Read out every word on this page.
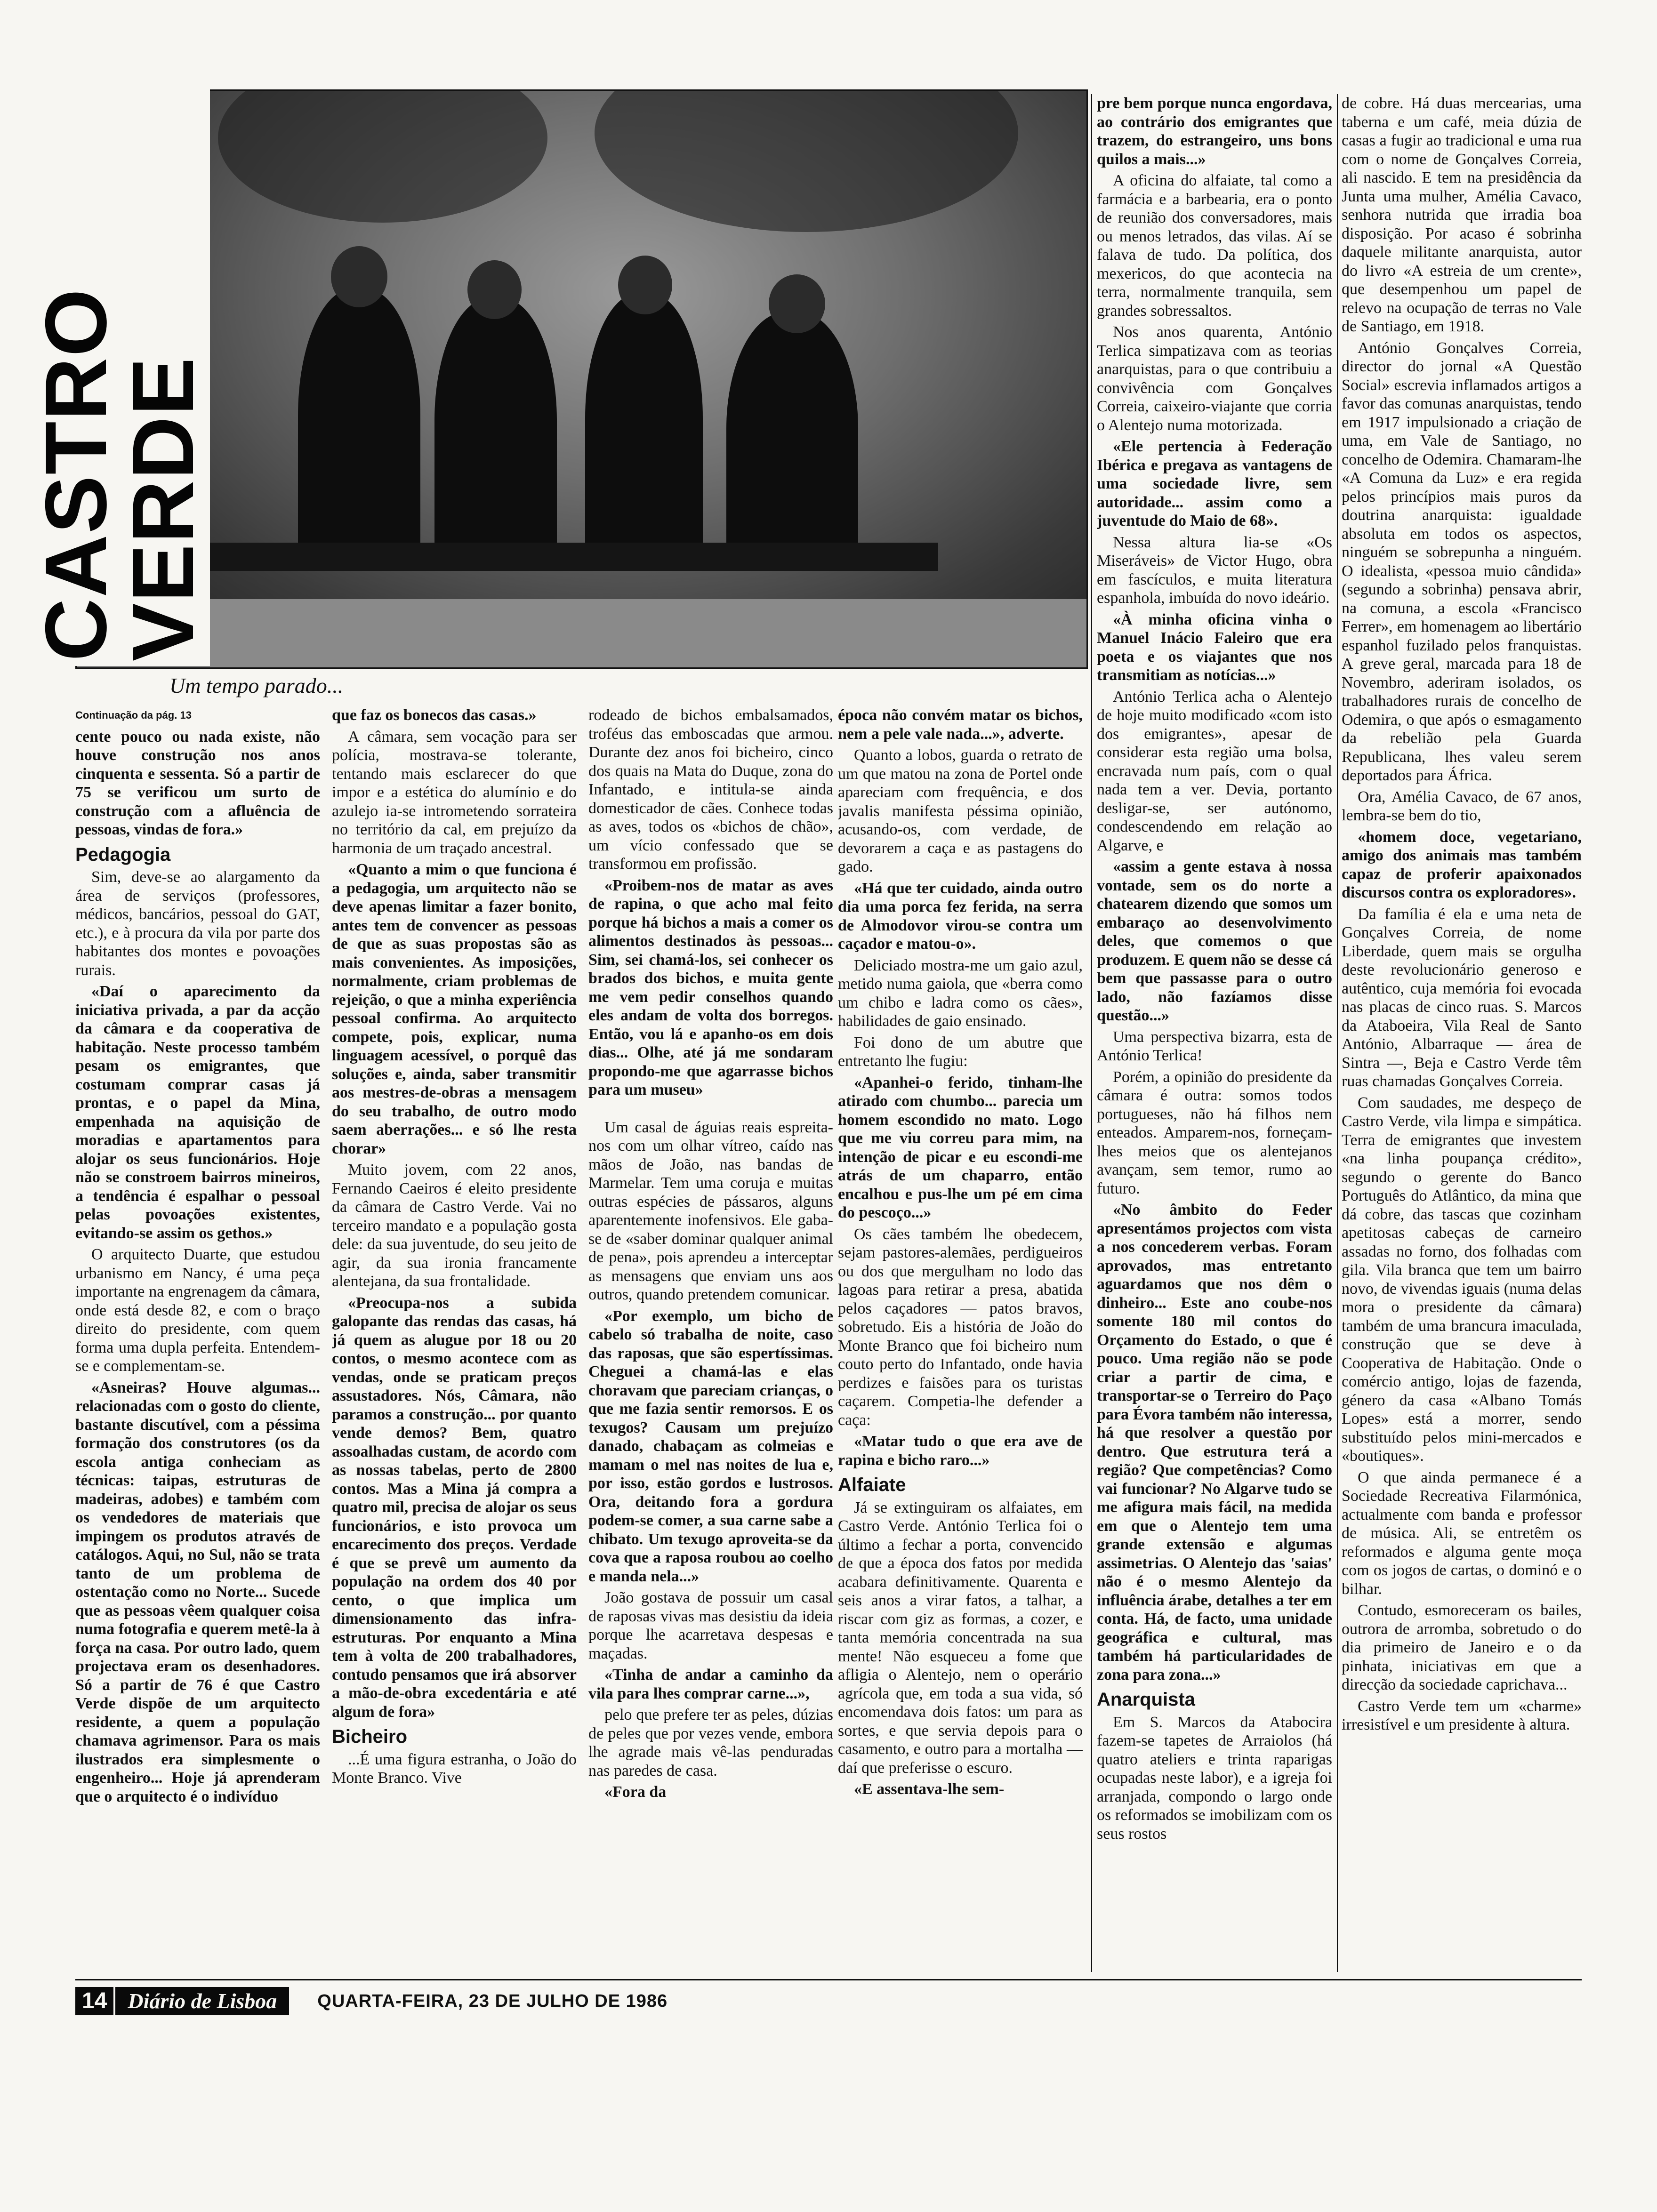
CASTRO VERDE
Um tempo parado...

Continuação da pág. 13

cente pouco ou nada existe, não houve construção nos anos cinquenta e sessenta. Só a partir de 75 se verificou um surto de construção com a afluência de pessoas, vindas de fora.»

Pedagogia

Sim, deve-se ao alargamento da área de serviços (professores, médicos, bancários, pessoal do GAT, etc.), e à procura da vila por parte dos habitantes dos montes e povoações rurais.

«Daí o aparecimento da iniciativa privada, a par da acção da câmara e da cooperativa de habitação. Neste processo também pesam os emigrantes, que costumam comprar casas já prontas, e o papel da Mina, empenhada na aquisição de moradias e apartamentos para alojar os seus funcionários. Hoje não se constroem bairros mineiros, a tendência é espalhar o pessoal pelas povoações existentes, evitando-se assim os gethos.»

O arquitecto Duarte, que estudou urbanismo em Nancy, é uma peça importante na engrenagem da câmara, onde está desde 82, e com o braço direito do presidente, com quem forma uma dupla perfeita. Entendem-se e complementam-se.

«Asneiras? Houve algumas... relacionadas com o gosto do cliente, bastante discutível, com a péssima formação dos construtores (os da escola antiga conheciam as técnicas: taipas, estruturas de madeiras, adobes) e também com os vendedores de materiais que impingem os produtos através de catálogos. Aqui, no Sul, não se trata tanto de um problema de ostentação como no Norte... Sucede que as pessoas vêem qualquer coisa numa fotografia e querem metê-la à força na casa. Por outro lado, quem projectava eram os desenhadores. Só a partir de 76 é que Castro Verde dispõe de um arquitecto residente, a quem a população chamava agrimensor. Para os mais ilustrados era simplesmente o engenheiro... Hoje já aprenderam que o arquitecto é o indivíduo

que faz os bonecos das casas.»

A câmara, sem vocação para ser polícia, mostrava-se tolerante, tentando mais esclarecer do que impor e a estética do alumínio e do azulejo ia-se intrometendo sorrateira no território da cal, em prejuízo da harmonia de um traçado ancestral.

«Quanto a mim o que funciona é a pedagogia, um arquitecto não se deve apenas limitar a fazer bonito, antes tem de convencer as pessoas de que as suas propostas são as mais convenientes. As imposições, normalmente, criam problemas de rejeição, o que a minha experiência pessoal confirma. Ao arquitecto compete, pois, explicar, numa linguagem acessível, o porquê das soluções e, ainda, saber transmitir aos mestres-de-obras a mensagem do seu trabalho, de outro modo saem aberrações... e só lhe resta chorar»

Muito jovem, com 22 anos, Fernando Caeiros é eleito presidente da câmara de Castro Verde. Vai no terceiro mandato e a população gosta dele: da sua juventude, do seu jeito de agir, da sua ironia francamente alentejana, da sua frontalidade.

«Preocupa-nos a subida galopante das rendas das casas, há já quem as alugue por 18 ou 20 contos, o mesmo acontece com as vendas, onde se praticam preços assustadores. Nós, Câmara, não paramos a construção... por quanto vende demos? Bem, quatro assoalhadas custam, de acordo com as nossas tabelas, perto de 2800 contos. Mas a Mina já compra a quatro mil, precisa de alojar os seus funcionários, e isto provoca um encarecimento dos preços. Verdade é que se prevê um aumento da população na ordem dos 40 por cento, o que implica um dimensionamento das infra-estruturas. Por enquanto a Mina tem à volta de 200 trabalhadores, contudo pensamos que irá absorver a mão-de-obra excedentária e até algum de fora»

Bicheiro

...É uma figura estranha, o João do Monte Branco. Vive

rodeado de bichos embalsamados, troféus das emboscadas que armou. Durante dez anos foi bicheiro, cinco dos quais na Mata do Duque, zona do Infantado, e intitula-se ainda domesticador de cães. Conhece todas as aves, todos os «bichos de chão», um vício confessado que se transformou em profissão.

«Proibem-nos de matar as aves de rapina, o que acho mal feito porque há bichos a mais a comer os alimentos destinados às pessoas... Sim, sei chamá-los, sei conhecer os brados dos bichos, e muita gente me vem pedir conselhos quando eles andam de volta dos borregos. Então, vou lá e apanho-os em dois dias... Olhe, até já me sondaram propondo-me que agarrasse bichos para um museu»

Um casal de águias reais espreita-nos com um olhar vítreo, caído nas mãos de João, nas bandas de Marmelar. Tem uma coruja e muitas outras espécies de pássaros, alguns aparentemente inofensivos. Ele gaba-se de «saber dominar qualquer animal de pena», pois aprendeu a interceptar as mensagens que enviam uns aos outros, quando pretendem comunicar.

«Por exemplo, um bicho de cabelo só trabalha de noite, caso das raposas, que são espertíssimas. Cheguei a chamá-las e elas choravam que pareciam crianças, o que me fazia sentir remorsos. E os texugos? Causam um prejuízo danado, chabaçam as colmeias e mamam o mel nas noites de lua e, por isso, estão gordos e lustrosos. Ora, deitando fora a gordura podem-se comer, a sua carne sabe a chibato. Um texugo aproveita-se da cova que a raposa roubou ao coelho e manda nela...»

João gostava de possuir um casal de raposas vivas mas desistiu da ideia porque lhe acarretava despesas e maçadas.

«Tinha de andar a caminho da vila para lhes comprar carne...»,

pelo que prefere ter as peles, dúzias de peles que por vezes vende, embora lhe agrade mais vê-las penduradas nas paredes de casa.

«Fora da

época não convém matar os bichos, nem a pele vale nada...», adverte.

Quanto a lobos, guarda o retrato de um que matou na zona de Portel onde apareciam com frequência, e dos javalis manifesta péssima opinião, acusando-os, com verdade, de devorarem a caça e as pastagens do gado.

«Há que ter cuidado, ainda outro dia uma porca fez ferida, na serra de Almodovor virou-se contra um caçador e matou-o».

Deliciado mostra-me um gaio azul, metido numa gaiola, que «berra como um chibo e ladra como os cães», habilidades de gaio ensinado.

Foi dono de um abutre que entretanto lhe fugiu:

«Apanhei-o ferido, tinham-lhe atirado com chumbo... parecia um homem escondido no mato. Logo que me viu correu para mim, na intenção de picar e eu escondi-me atrás de um chaparro, então encalhou e pus-lhe um pé em cima do pescoço...»

Os cães também lhe obedecem, sejam pastores-alemães, perdigueiros ou dos que mergulham no lodo das lagoas para retirar a presa, abatida pelos caçadores — patos bravos, sobretudo. Eis a história de João do Monte Branco que foi bicheiro num couto perto do Infantado, onde havia perdizes e faisões para os turistas caçarem. Competia-lhe defender a caça:

«Matar tudo o que era ave de rapina e bicho raro...»

Alfaiate

Já se extinguiram os alfaiates, em Castro Verde. António Terlica foi o último a fechar a porta, convencido de que a época dos fatos por medida acabara definitivamente. Quarenta e seis anos a virar fatos, a talhar, a riscar com giz as formas, a cozer, e tanta memória concentrada na sua mente! Não esqueceu a fome que afligia o Alentejo, nem o operário agrícola que, em toda a sua vida, só encomendava dois fatos: um para as sortes, e que servia depois para o casamento, e outro para a mortalha — daí que preferisse o escuro.

«E assentava-lhe sem-

pre bem porque nunca engordava, ao contrário dos emigrantes que trazem, do estrangeiro, uns bons quilos a mais...»

A oficina do alfaiate, tal como a farmácia e a barbearia, era o ponto de reunião dos conversadores, mais ou menos letrados, das vilas. Aí se falava de tudo. Da política, dos mexericos, do que acontecia na terra, normalmente tranquila, sem grandes sobressaltos.

Nos anos quarenta, António Terlica simpatizava com as teorias anarquistas, para o que contribuiu a convivência com Gonçalves Correia, caixeiro-viajante que corria o Alentejo numa motorizada.

«Ele pertencia à Federação Ibérica e pregava as vantagens de uma sociedade livre, sem autoridade... assim como a juventude do Maio de 68».

Nessa altura lia-se «Os Miseráveis» de Victor Hugo, obra em fascículos, e muita literatura espanhola, imbuída do novo ideário.

«À minha oficina vinha o Manuel Inácio Faleiro que era poeta e os viajantes que nos transmitiam as notícias...»

António Terlica acha o Alentejo de hoje muito modificado «com isto dos emigrantes», apesar de considerar esta região uma bolsa, encravada num país, com o qual nada tem a ver. Devia, portanto desligar-se, ser autónomo, condescendendo em relação ao Algarve, e

«assim a gente estava à nossa vontade, sem os do norte a chatearem dizendo que somos um embaraço ao desenvolvimento deles, que comemos o que produzem. E quem não se desse cá bem que passasse para o outro lado, não fazíamos disse questão...»

Uma perspectiva bizarra, esta de António Terlica!

Porém, a opinião do presidente da câmara é outra: somos todos portugueses, não há filhos nem enteados. Amparem-nos, forneçam-lhes meios que os alentejanos avançam, sem temor, rumo ao futuro.

«No âmbito do Feder apresentámos projectos com vista a nos concederem verbas. Foram aprovados, mas entretanto aguardamos que nos dêm o dinheiro... Este ano coube-nos somente 180 mil contos do Orçamento do Estado, o que é pouco. Uma região não se pode criar a partir de cima, e transportar-se o Terreiro do Paço para Évora também não interessa, há que resolver a questão por dentro. Que estrutura terá a região? Que competências? Como vai funcionar? No Algarve tudo se me afigura mais fácil, na medida em que o Alentejo tem uma grande extensão e algumas assimetrias. O Alentejo das 'saias' não é o mesmo Alentejo da influência árabe, detalhes a ter em conta. Há, de facto, uma unidade geográfica e cultural, mas também há particularidades de zona para zona...»

Anarquista

Em S. Marcos da Atabocira fazem-se tapetes de Arraiolos (há quatro ateliers e trinta raparigas ocupadas neste labor), e a igreja foi arranjada, compondo o largo onde os reformados se imobilizam com os seus rostos

de cobre. Há duas mercearias, uma taberna e um café, meia dúzia de casas a fugir ao tradicional e uma rua com o nome de Gonçalves Correia, ali nascido. E tem na presidência da Junta uma mulher, Amélia Cavaco, senhora nutrida que irradia boa disposição. Por acaso é sobrinha daquele militante anarquista, autor do livro «A estreia de um crente», que desempenhou um papel de relevo na ocupação de terras no Vale de Santiago, em 1918.

António Gonçalves Correia, director do jornal «A Questão Social» escrevia inflamados artigos a favor das comunas anarquistas, tendo em 1917 impulsionado a criação de uma, em Vale de Santiago, no concelho de Odemira. Chamaram-lhe «A Comuna da Luz» e era regida pelos princípios mais puros da doutrina anarquista: igualdade absoluta em todos os aspectos, ninguém se sobrepunha a ninguém. O idealista, «pessoa muio cândida» (segundo a sobrinha) pensava abrir, na comuna, a escola «Francisco Ferrer», em homenagem ao libertário espanhol fuzilado pelos franquistas. A greve geral, marcada para 18 de Novembro, aderiram isolados, os trabalhadores rurais de concelho de Odemira, o que após o esmagamento da rebelião pela Guarda Republicana, lhes valeu serem deportados para África.

Ora, Amélia Cavaco, de 67 anos, lembra-se bem do tio,

«homem doce, vegetariano, amigo dos animais mas também capaz de proferir apaixonados discursos contra os exploradores».

Da família é ela e uma neta de Gonçalves Correia, de nome Liberdade, quem mais se orgulha deste revolucionário generoso e autêntico, cuja memória foi evocada nas placas de cinco ruas. S. Marcos da Ataboeira, Vila Real de Santo António, Albarraque — área de Sintra —, Beja e Castro Verde têm ruas chamadas Gonçalves Correia.

Com saudades, me despeço de Castro Verde, vila limpa e simpática. Terra de emigrantes que investem «na linha poupança crédito», segundo o gerente do Banco Português do Atlântico, da mina que dá cobre, das tascas que cozinham apetitosas cabeças de carneiro assadas no forno, dos folhadas com gila. Vila branca que tem um bairro novo, de vivendas iguais (numa delas mora o presidente da câmara) também de uma brancura imaculada, construção que se deve à Cooperativa de Habitação. Onde o comércio antigo, lojas de fazenda, género da casa «Albano Tomás Lopes» está a morrer, sendo substituído pelos mini-mercados e «boutiques».

O que ainda permanece é a Sociedade Recreativa Filarmónica, actualmente com banda e professor de música. Ali, se entretêm os reformados e alguma gente moça com os jogos de cartas, o dominó e o bilhar.

Contudo, esmoreceram os bailes, outrora de arromba, sobretudo o do dia primeiro de Janeiro e o da pinhata, iniciativas em que a direcção da sociedade caprichava...

Castro Verde tem um «charme» irresistível e um presidente à altura.

14 Diário de Lisboa	QUARTA-FEIRA, 23 DE JULHO DE 1986
